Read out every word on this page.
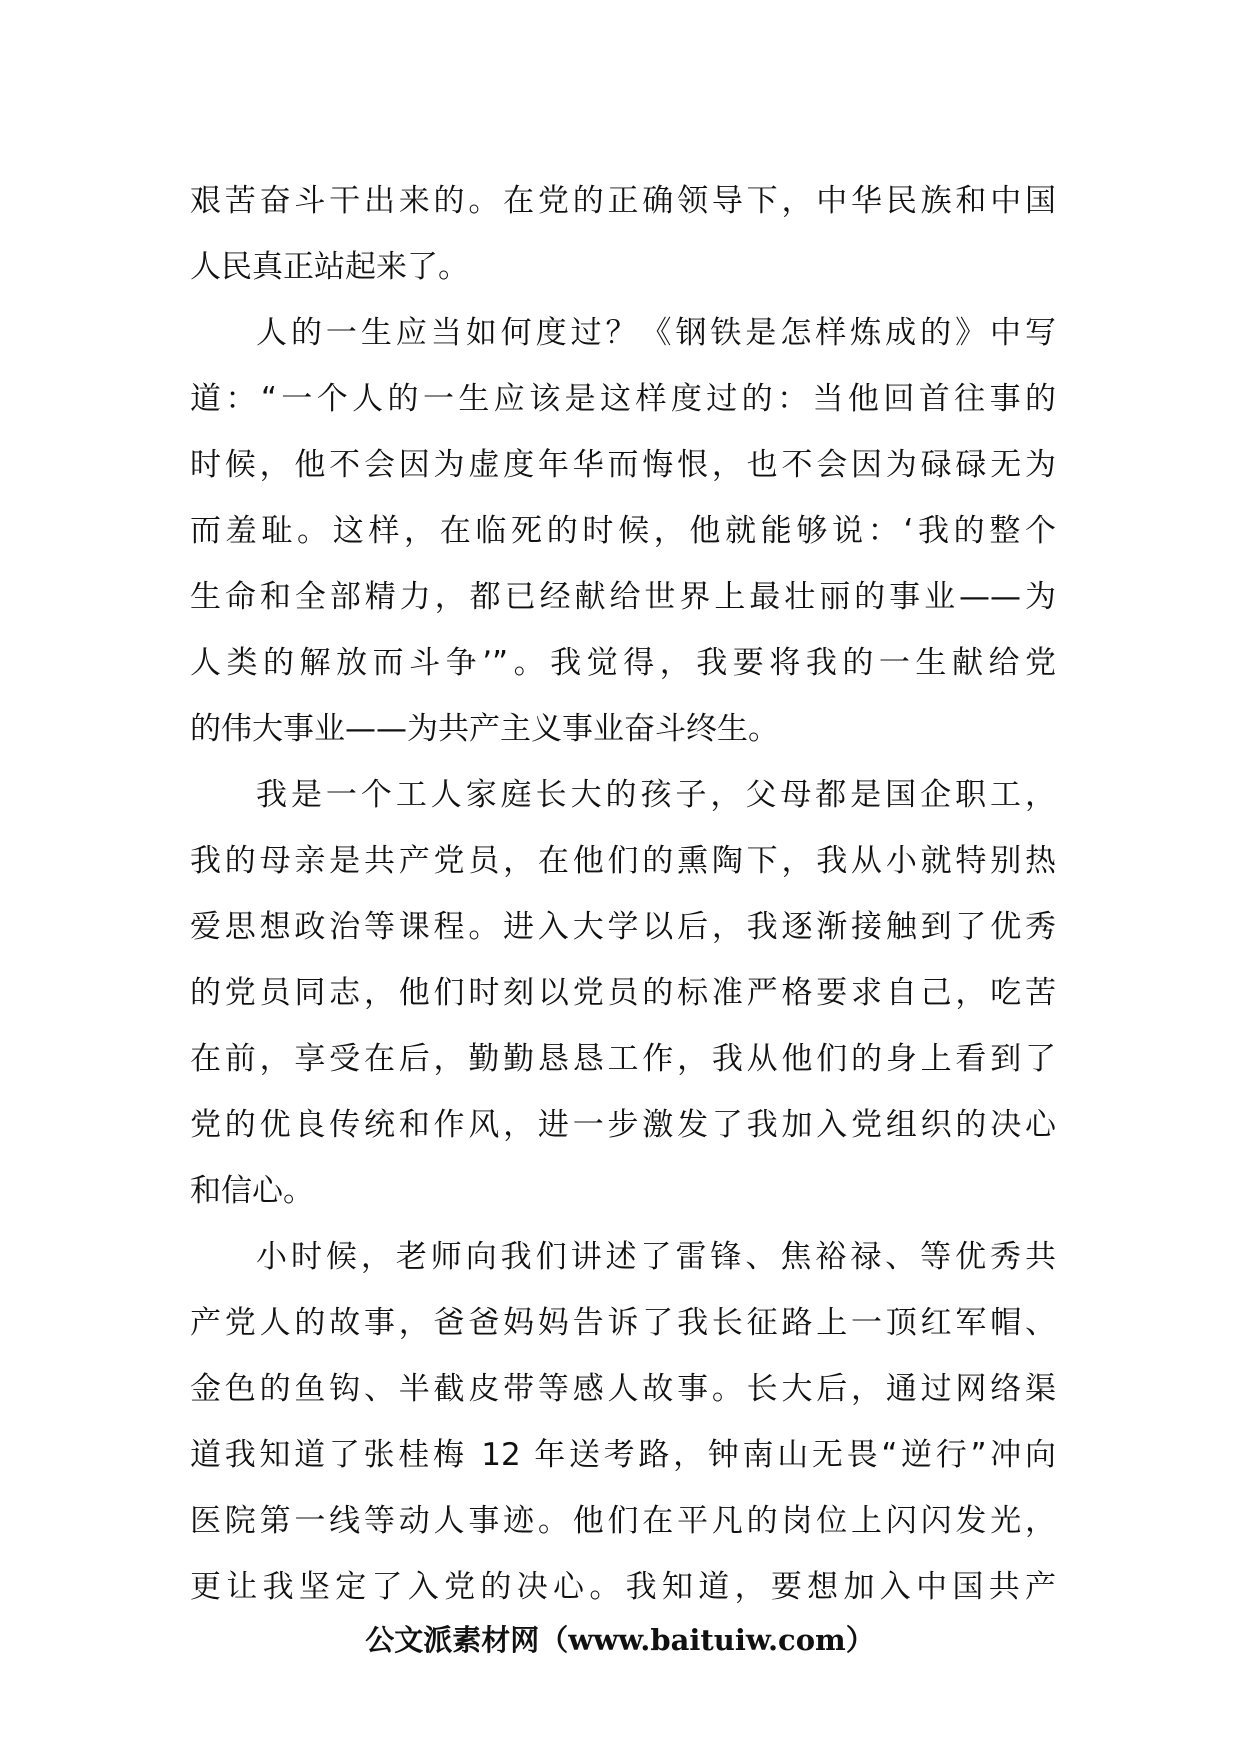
艰苦奋斗干出来的。在党的正确领导下，中华民族和中国
人民真正站起来了。
人的一生应当如何度过？《钢铁是怎样炼成的》中写
道：“一个人的一生应该是这样度过的：当他回首往事的
时候，他不会因为虚度年华而悔恨，也不会因为碌碌无为
而羞耻。这样，在临死的时候，他就能够说：‘我的整个
生命和全部精力，都已经献给世界上最壮丽的事业——为
人类的解放而斗争’”。我觉得，我要将我的一生献给党
的伟大事业——为共产主义事业奋斗终生。
我是一个工人家庭长大的孩子，父母都是国企职工，
我的母亲是共产党员，在他们的熏陶下，我从小就特别热
爱思想政治等课程。进入大学以后，我逐渐接触到了优秀
的党员同志，他们时刻以党员的标准严格要求自己，吃苦
在前，享受在后，勤勤恳恳工作，我从他们的身上看到了
党的优良传统和作风，进一步激发了我加入党组织的决心
和信心。
小时候，老师向我们讲述了雷锋、焦裕禄、等优秀共
产党人的故事，爸爸妈妈告诉了我长征路上一顶红军帽、
金色的鱼钩、半截皮带等感人故事。长大后，通过网络渠
道我知道了张桂梅 12 年送考路，钟南山无畏“逆行”冲向
医院第一线等动人事迹。他们在平凡的岗位上闪闪发光，
更让我坚定了入党的决心。我知道，要想加入中国共产
公文派素材网（www.baituiw.com）
